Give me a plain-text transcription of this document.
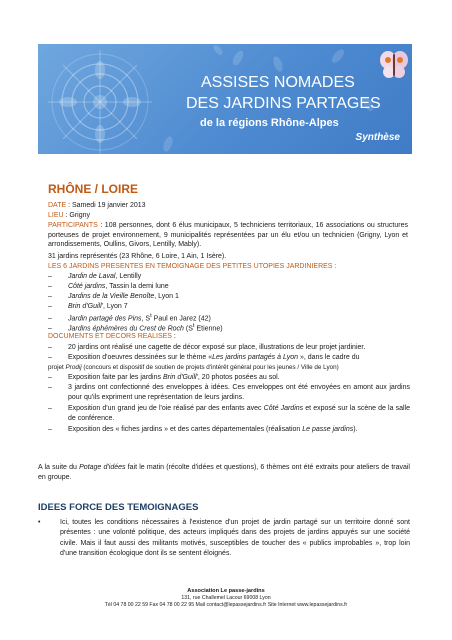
ASSISES NOMADES
DES JARDINS PARTAGES
de la régions Rhône-Alpes
Synthèse
RHÔNE / LOIRE
DATE : Samedi 19 janvier 2013
LIEU : Grigny
PARTICIPANTS : 108 personnes, dont 6 élus municipaux, 5 techniciens territoriaux, 16 associations ou structures porteuses de projet environnement, 9 municipalités représentées par un élu et/ou un technicien (Grigny, Lyon et arrondissements, Oullins, Givors, Lentilly, Mably).
31 jardins représentés (23 Rhône, 6 Loire, 1 Ain, 1 Isère).
LES 6 JARDINS PRESENTES EN TEMOIGNAGE DES PETITES UTOPIES JARDINIERES :
– Jardin de Laval, Lentilly
– Côté jardins, Tassin la demi lune
– Jardins de la Vieille Benoîte, Lyon 1
– Brin d'Guill', Lyon 7
– Jardin partagé des Pins, $S^t$ Paul en Jarez (42)
– Jardins éphémères du Crest de Roch ($S^t$ Etienne)
DOCUMENTS ET DECORS REALISES :
– 20 jardins ont réalisé une cagette de décor exposé sur place, illustrations de leur projet jardinier.
– Exposition d'oeuvres dessinées sur le thème «Les jardins partagés à Lyon », dans le cadre du
projet Prodij (concours et dispositif de soutien de projets d'intérêt général pour les jeunes / Ville de Lyon)
– Exposition faite par les jardins Brin d'Guill', 20 photos posées au sol.
–	3 jardins ont confectionné des enveloppes à idées. Ces enveloppes ont été envoyées en amont aux jardins pour qu'ils expriment une représentation de leurs jardins.
–	Exposition d'un grand jeu de l'oie réalisé par des enfants avec Côté Jardins et exposé sur la scène de la salle de conférence.
– Exposition des « fiches jardins » et des cartes départementales (réalisation Le passe jardins).
A la suite du Potage d'idées fait le matin (récolte d'idées et questions), 6 thèmes ont été extraits pour ateliers de travail en groupe.
IDEES FORCE DES TEMOIGNAGES
•	Ici, toutes les conditions nécessaires à l'existence d'un projet de jardin partagé sur un territoire donné sont présentes : une volonté politique, des acteurs impliqués dans des projets de jardins appuyés sur une société civile. Mais il faut aussi des militants motivés, susceptibles de toucher des « publics improbables », trop loin d'une transition écologique dont ils se sentent éloignés.
Association Le passe-jardins
131, rue Challemel Lacour 69008 Lyon
Tél 04 78 00 22 59 Fax 04 78 00 22 95 Mail contact@lepassejardins.fr Site Internet www.lepassejardins.fr
